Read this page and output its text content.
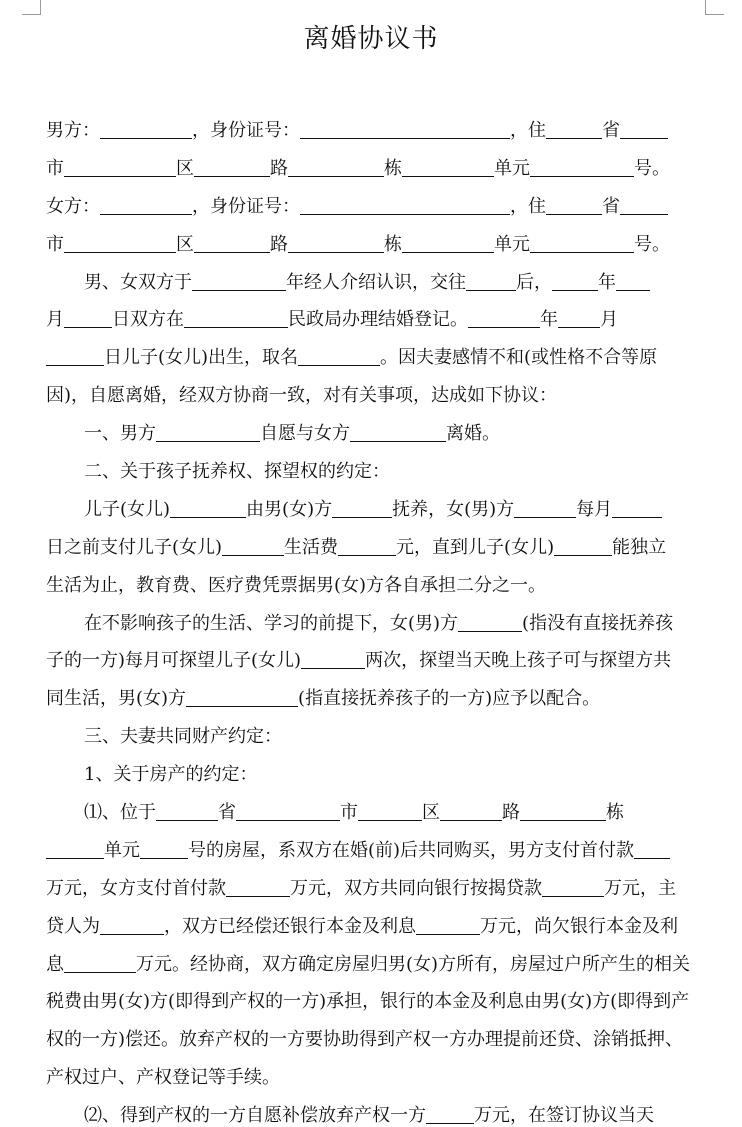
离婚协议书
男方：	，身份证号：	，住	省
市	区	路	栋	单元	号。
女方：	，身份证号：	，住	省
市	区	路	栋	单元	号。
男、女双方于	年经人介绍认识，交往	后，	年
月	日双方在	民政局办理结婚登记。	年 月
日儿子(女儿)出生，取名	。因夫妻感情不和(或性格不合等原
因)，自愿离婚，经双方协商一致，对有关事项，达成如下协议：
一、男方	自愿与女方	离婚。
二、关于孩子抚养权、探望权的约定：
儿子(女儿)	由男(女)方	抚养，女(男)方	每月
日之前支付儿子(女儿)	生活费	元，直到儿子(女儿)	能独立
生活为止，教育费、医疗费凭票据男(女)方各自承担二分之一。
在不影响孩子的生活、学习的前提下，女(男)方	(指没有直接抚养孩
子的一方)每月可探望儿子(女儿)	两次，探望当天晚上孩子可与探望方共
同生活，男(女)方	(指直接抚养孩子的一方)应予以配合。
三、夫妻共同财产约定：
1、关于房产的约定：
⑴、位于	省	市	区	路	栋
单元	号的房屋，系双方在婚(前)后共同购买，男方支付首付款
万元，女方支付首付款	万元，双方共同向银行按揭贷款	万元，主
贷人为	，双方已经偿还银行本金及利息	万元，尚欠银行本金及利
息	万元。经协商，双方确定房屋归男(女)方所有，房屋过户所产生的相关
税费由男(女)方(即得到产权的一方)承担，银行的本金及利息由男(女)方(即得到产
权的一方)偿还。放弃产权的一方要协助得到产权一方办理提前还贷、涂销抵押、
产权过户、产权登记等手续。
⑵、得到产权的一方自愿补偿放弃产权一方	万元，在签订协议当天
